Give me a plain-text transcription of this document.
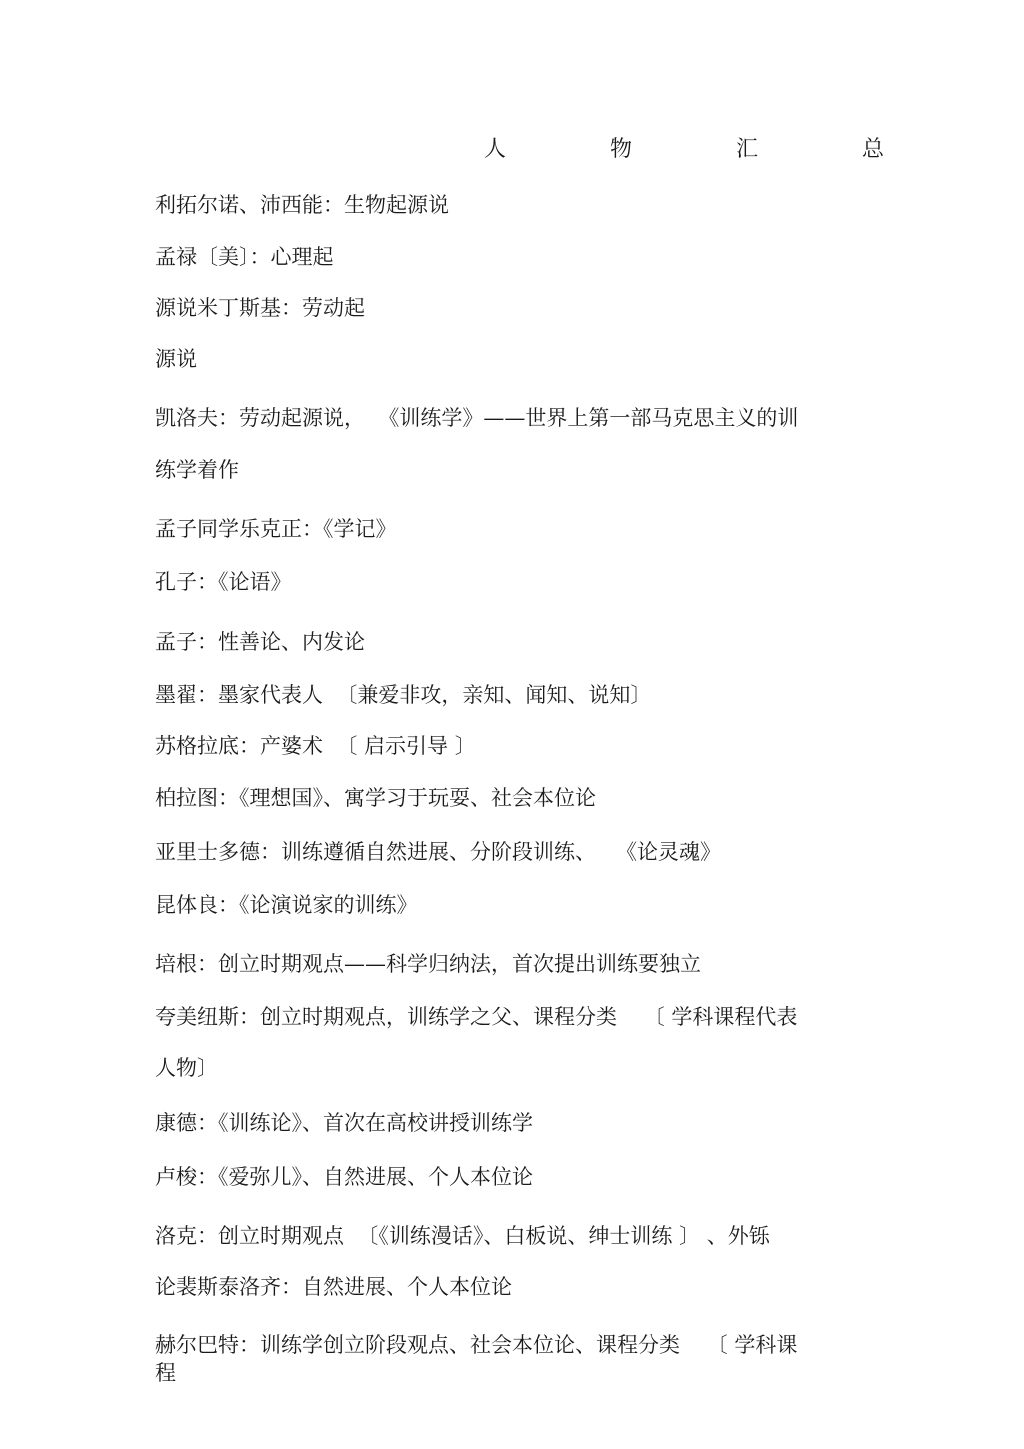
人	物	汇	总
利拓尔诺、沛西能：生物起源说
孟禄〔美〕：心理起
源说米丁斯基：劳动起
源说
凯洛夫：劳动起源说，  《训练学》——世界上第一部马克思主义的训
练学着作
孟子同学乐克正：《学记》
孔子：《论语》
孟子：性善论、内发论
墨翟：墨家代表人  〔兼爱非攻，亲知、闻知、说知〕
苏格拉底：产婆术  〔 启示引导 〕
柏拉图：《理想国》、寓学习于玩耍、社会本位论
亚里士多德：训练遵循自然进展、分阶段训练、   《论灵魂》
昆体良：《论演说家的训练》
培根：创立时期观点——科学归纳法，首次提出训练要独立
夸美纽斯：创立时期观点，训练学之父、课程分类    〔 学科课程代表
人物〕
康德：《训练论》、首次在高校讲授训练学
卢梭：《爱弥儿》、自然进展、个人本位论
洛克：创立时期观点  〔《训练漫话》、白板说、绅士训练 〕 、外铄
论裴斯泰洛齐：自然进展、个人本位论
赫尔巴特：训练学创立阶段观点、社会本位论、课程分类    〔 学科课
程
